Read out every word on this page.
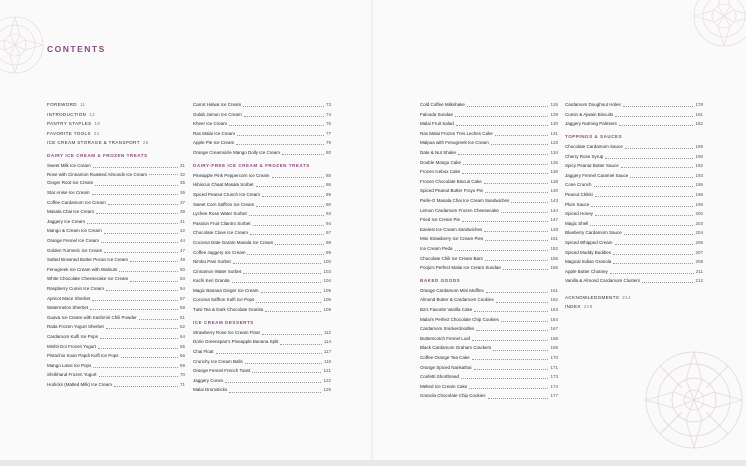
CONTENTS
FOREWORD 11
INTRODUCTION 12
PANTRY STAPLES 18
FAVORITE TOOLS 21
ICE CREAM STORAGE & TRANSPORT 25
DAIRY ICE CREAM & FROZEN TREATS
Sweet Milk Ice Cream	31
Rose with Cinnamon Roasted Almonds Ice Cream	32
Ginger Root Ice Cream	35
Star Anise Ice Cream	36
Coffee Cardamom Ice Cream	37
Masala Chai Ice Cream	38
Jaggery Ice Cream	41
Mango & Cream Ice Cream	42
Orange Fennel Ice Cream	44
Golden Turmeric Ice Cream	47
Salted Browned Butter Pecan Ice Cream	48
Fenugreek Ice Cream with Walnuts	50
White Chocolate Cheesecake Ice Cream	53
Raspberry Cumin Ice Cream	54
Apricot Mace Sherbet	57
Watermelon Sherbet	58
Guava Ice Cream with Kashmiri Chili Powder	61
Raita Frozen Yogurt Sherbet	62
Cardamom Kulfi Ice Pops	64
Mishti Doi Frozen Yogurt	65
Pistachio Soan Papdi Kulfi Ice Pops	66
Mango Lassi Ice Pops	69
Shrikhand Frozen Yogurt	70
Horlicks (Malted Milk) Ice Cream	71
Carrot Halwa Ice Cream	73
Gulab Jamun Ice Cream	74
Kheer Ice Cream	76
Ras Malai Ice Cream	77
Apple Pie Ice Cream	79
Orange Creamsicle Mango Dolly Ice Cream	80
DAIRY-FREE ICE CREAM & FROZEN TREATS
Pineapple Pink Peppercorn Ice Cream	85
Hibiscus Chaat Masala Sorbet	86
Spiced Peanut Crunch Ice Cream	89
Sweet Corn Saffron Ice Cream	90
Lychee Rose Water Sorbet	93
Passion Fruit Cilantro Sorbet	94
Chocolate Clove Ice Cream	97
Coconut Date Garam Masala Ice Cream	98
Coffee Jaggery Ice Cream	99
Nimbu Pani Sorbet	100
Cinnamon Water Sorbet	103
Kachi Keri Granita	104
Magic Banana Ginger Ice Cream	105
Coconut Saffron Kulfi Ice Pops	106
Tulsi Tea & Dark Chocolate Granita	109
ICE CREAM DESSERTS
Strawberry Rose Ice Cream Float	112
Dorie Greenspan's Pineapple Banana Split	114
Chai Float	117
Crunchy Ice Cream Balls	118
Orange Fennel French Toast	121
Jaggery Cones	122
Malai Drumsticks	125
Cold Coffee Milkshake	126
Falooda Sundae	129
Malai Fruit Salad	130
Ras Malai Frozen Tres Leches Cake	131
Malpua with Fenugreek Ice Cream	133
Date & Nut Shake	134
Double Mango Cake	135
Frozen Icebox Cake	136
Frozen Chocolate Biscuit Cake	138
Spiced Peanut Butter Froyo Pie	140
Parle-G Masala Chai Ice Cream Sandwiches	143
Lemon Cardamom Frozen Cheesecake	144
Fried Ice Cream Pie	147
Easiest Ice Cream Sandwiches	148
Mini Strawberry Ice Cream Pies	151
Ice Cream Peda	152
Chocolate Chili Ice Cream Bars	155
Pooja's Perfect Malai Ice Cream Sundae	156
BAKED GOODS
Orange Cardamom Mini Muffins	161
Almond Butter & Cardamom Cookies	162
Ba's Favorite Vanilla Cake	163
Malai's Perfect Chocolate Chip Cookies	164
Cardamom Snickerdoodles	167
Butterscotch Fennel Loaf	168
Black Cardamom Graham Crackers	169
Coffee Orange Tea Cake	170
Orange Spiced Nankathai	171
Confetti Shortbread	173
Melted Ice Cream Cake	174
Granola Chocolate Chip Cookies	177
Cardamom Doughnut Holes	178
Cumin & Ajwain Biscuits	181
Jaggery Nutmeg Palmiers	182
TOPPINGS & SAUCES
Chocolate Cardamom Sauce	189
Cherry Rose Syrup	190
Spicy Peanut Butter Sauce	192
Jaggery Fennel Caramel Sauce	193
Cone Crunch	195
Peanut Chikki	196
Plum Sauce	199
Spiced Honey	200
Magic Shell	203
Blueberry Cardamom Sauce	204
Spiced Whipped Cream	206
Spiced Muddy Buddies	207
Magical Indian Granola	208
Apple Butter Chutney	211
Vanilla & Almond Cardamom Clusters	212
ACKNOWLEDGMENTS 214
INDEX 218
